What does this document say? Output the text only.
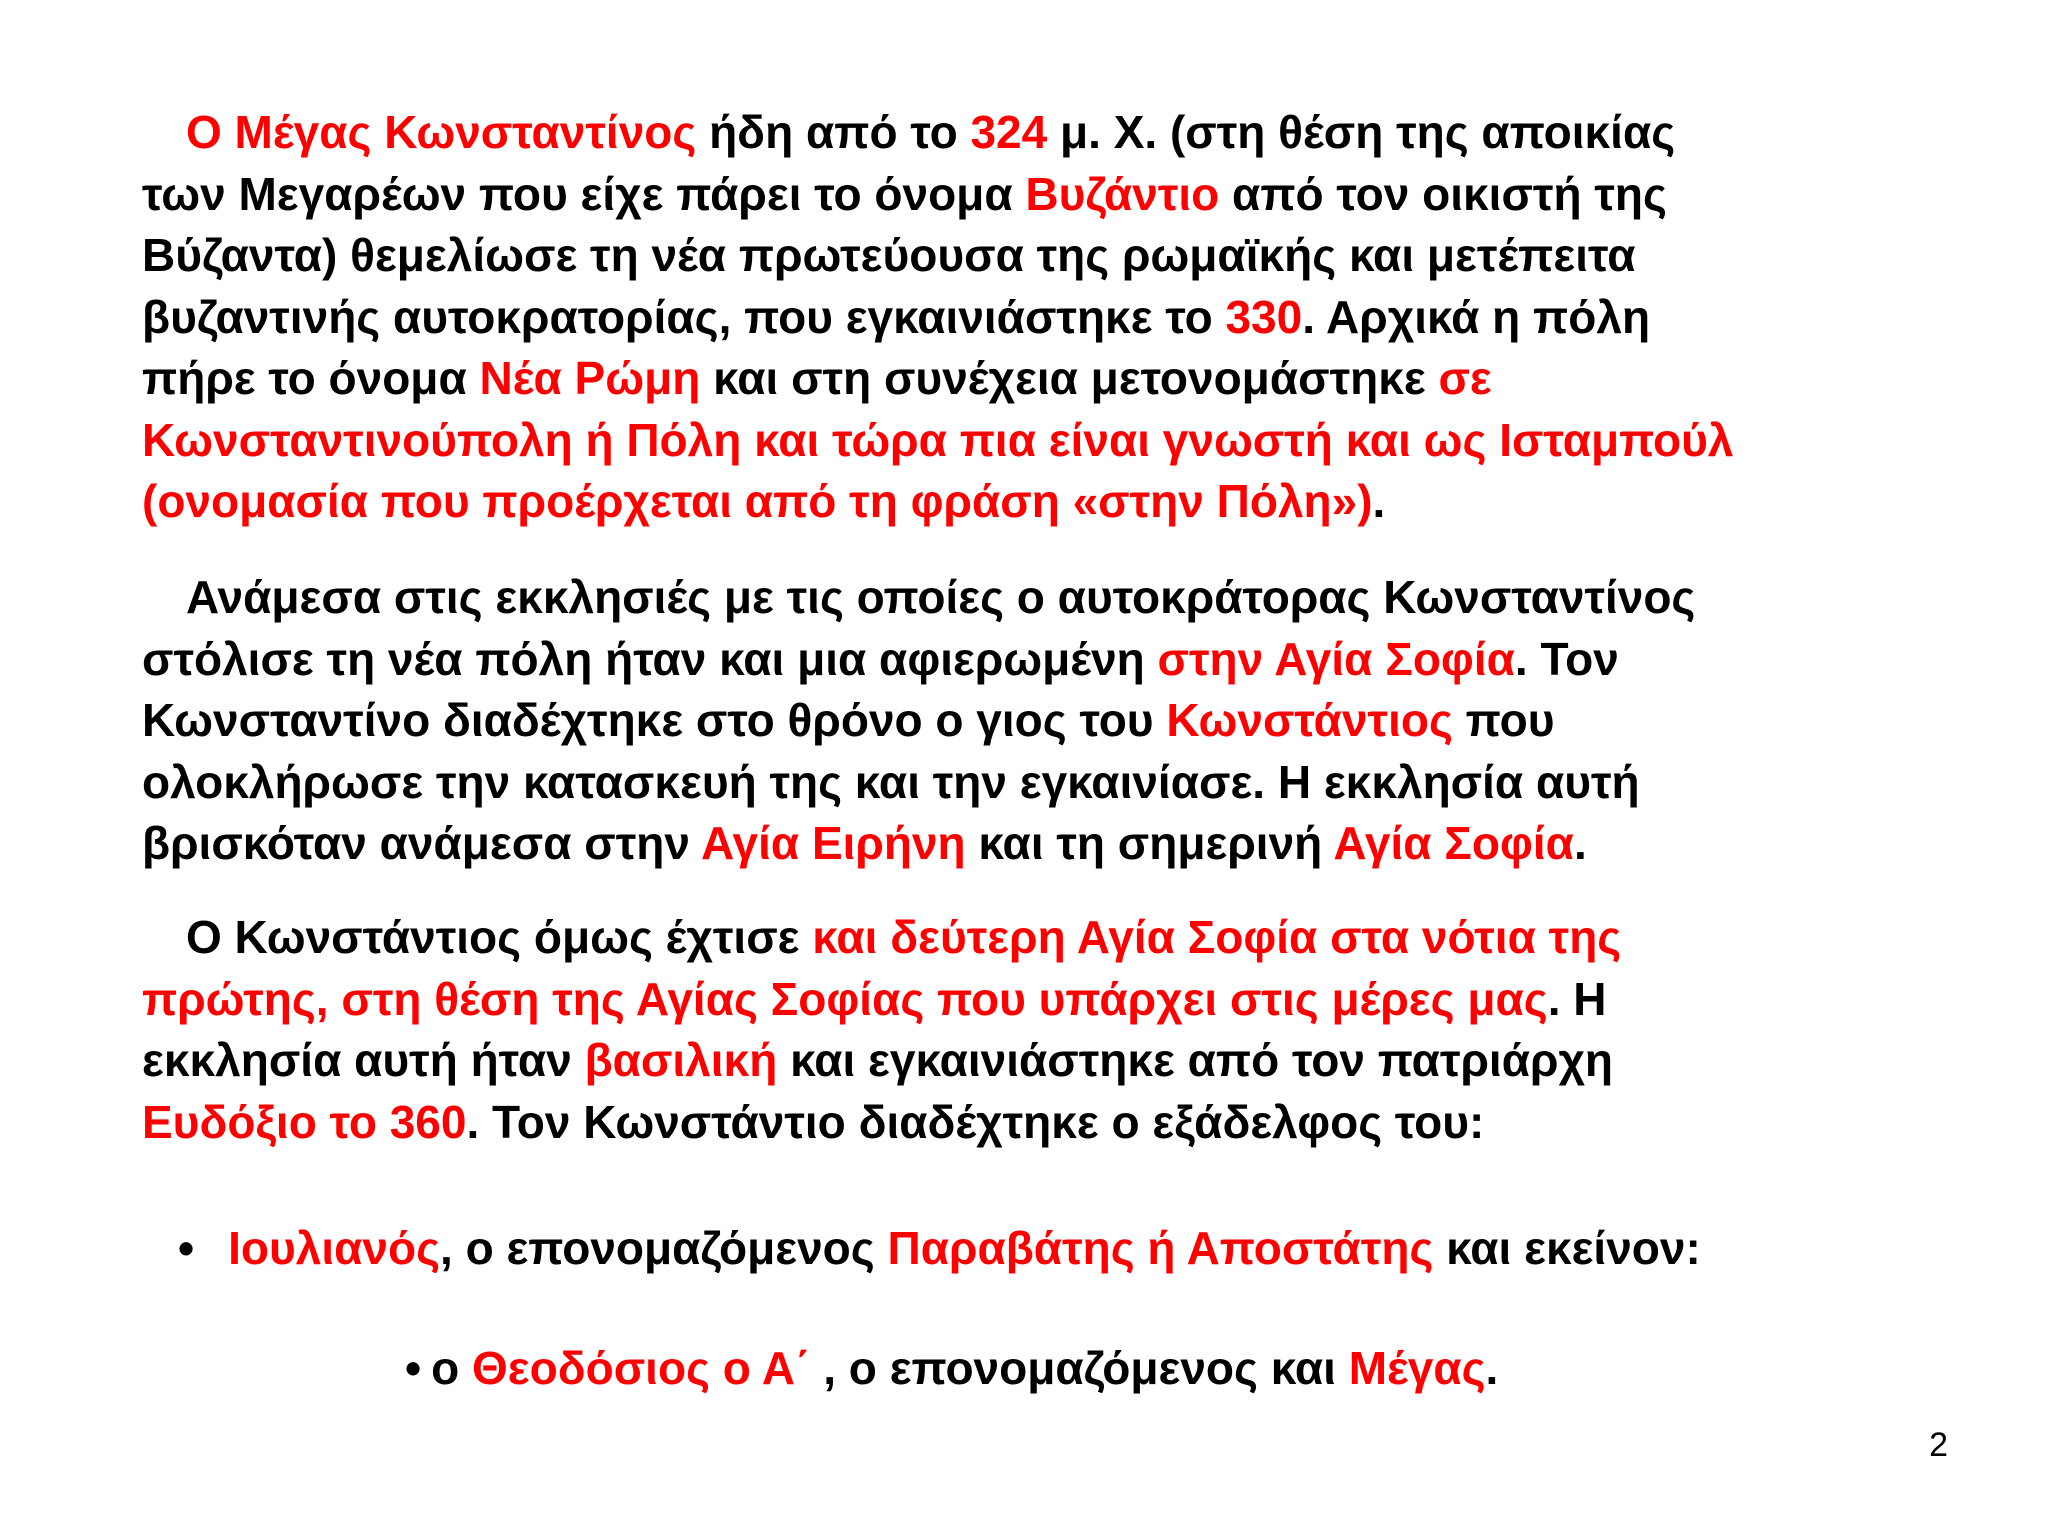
Ο Μέγας Κωνσταντίνος ήδη από το 324 μ. Χ. (στη θέση της αποικίας
των Μεγαρέων που είχε πάρει το όνομα Βυζάντιο από τον οικιστή της
Βύζαντα) θεμελίωσε τη νέα πρωτεύουσα της ρωμαϊκής και μετέπειτα
βυζαντινής αυτοκρατορίας, που εγκαινιάστηκε το 330. Αρχικά η πόλη
πήρε το όνομα Νέα Ρώμη και στη συνέχεια μετονομάστηκε σε
Κωνσταντινούπολη ή Πόλη και τώρα πια είναι γνωστή και ως Ισταμπούλ
(ονομασία που προέρχεται από τη φράση «στην Πόλη»).
Ανάμεσα στις εκκλησιές με τις οποίες ο αυτοκράτορας Κωνσταντίνος
στόλισε τη νέα πόλη ήταν και μια αφιερωμένη στην Αγία Σοφία. Τον
Κωνσταντίνο διαδέχτηκε στο θρόνο ο γιος του Κωνστάντιος που
ολοκλήρωσε την κατασκευή της και την εγκαινίασε. Η εκκλησία αυτή
βρισκόταν ανάμεσα στην Αγία Ειρήνη και τη σημερινή Αγία Σοφία.
Ο Κωνστάντιος όμως έχτισε και δεύτερη Αγία Σοφία στα νότια της
πρώτης, στη θέση της Αγίας Σοφίας που υπάρχει στις μέρες μας. Η
εκκλησία αυτή ήταν βασιλική και εγκαινιάστηκε από τον πατριάρχη
Ευδόξιο το 360. Τον Κωνστάντιο διαδέχτηκε ο εξάδελφος του:
• Ιουλιανός, ο επονομαζόμενος Παραβάτης ή Αποστάτης και εκείνον:
• ο Θεοδόσιος ο Α΄ , ο επονομαζόμενος και Μέγας.
2
